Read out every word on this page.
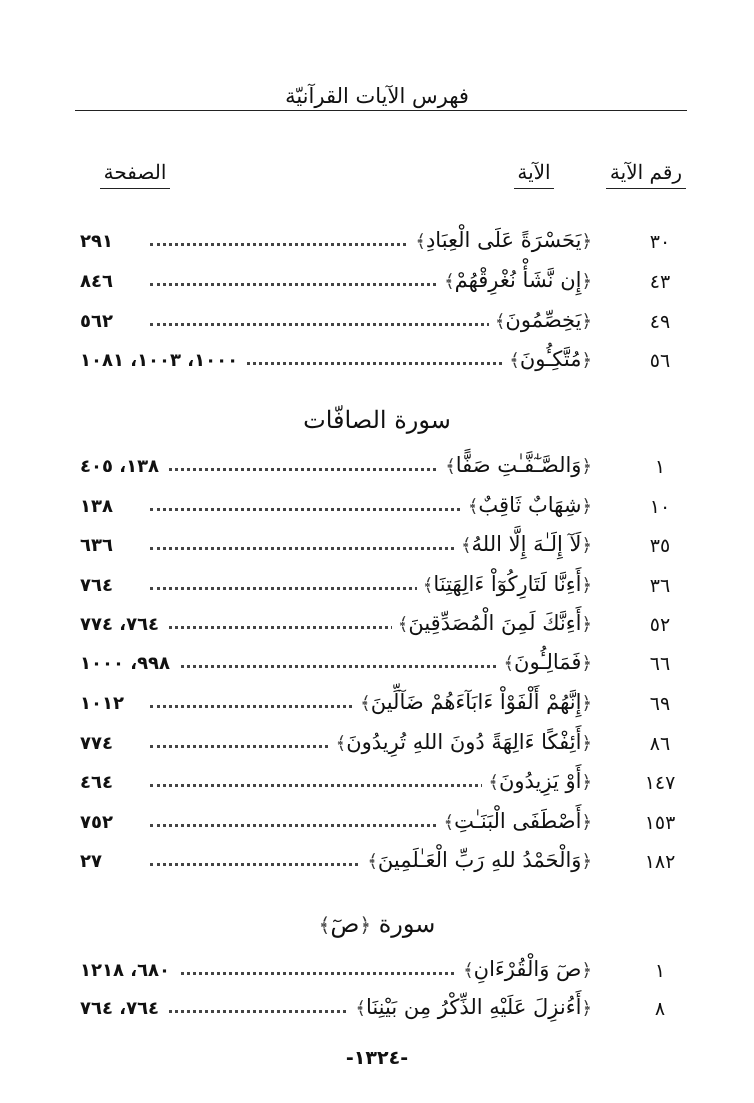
فهرس الآيات القرآنيّة
رقم الآية
الآية
الصفحة
٣٠
﴿يَحَسْرَةً عَلَى الْعِبَادِ﴾
٢٩١
٤٣
﴿إِن نَّشَأْ نُغْرِقْهُمْ﴾
٨٤٦
٤٩
﴿يَخِصِّمُونَ﴾
٥٦٢
٥٦
﴿مُتَّكِـُٔونَ﴾
١٠٠٠، ١٠٠٣، ١٠٨١
سورة الصافّات
١
﴿وَالصَّـٰٓفَّـٰتِ صَفًّا﴾
١٣٨، ٤٠٥
١٠
﴿شِهَابٌ ثَاقِبٌ﴾
١٣٨
٣٥
﴿لَآ إِلَـٰهَ إِلَّا اللهُ﴾
٦٣٦
٣٦
﴿أَءِنَّا لَتَارِكُوٓاْ ءَالِهَتِنَا﴾
٧٦٤
٥٢
﴿أَءِنَّكَ لَمِنَ الْمُصَدِّقِينَ﴾
٧٦٤، ٧٧٤
٦٦
﴿فَمَالِـُٔونَ﴾
٩٩٨، ١٠٠٠
٦٩
﴿إِنَّهُمْ أَلْفَوْاْ ءَابَآءَهُمْ ضَآلِّينَ﴾
١٠١٢
٨٦
﴿أَئِفْكًا ءَالِهَةً دُونَ اللهِ تُرِيدُونَ﴾
٧٧٤
١٤٧
﴿أَوْ يَزِيدُونَ﴾
٤٦٤
١٥٣
﴿أَصْطَفَى الْبَنَـٰتِ﴾
٧٥٢
١٨٢
﴿وَالْحَمْدُ للهِ رَبِّ الْعَـٰلَمِينَ﴾
٢٧
سورة ﴿صٓ﴾
١
﴿صٓ وَالْقُرْءَانِ﴾
٦٨٠، ١٢١٨
٨
﴿أَءُنزِلَ عَلَيْهِ الذِّكْرُ مِن بَيْنِنَا﴾
٧٦٤، ٧٦٤
-١٣٢٤-
